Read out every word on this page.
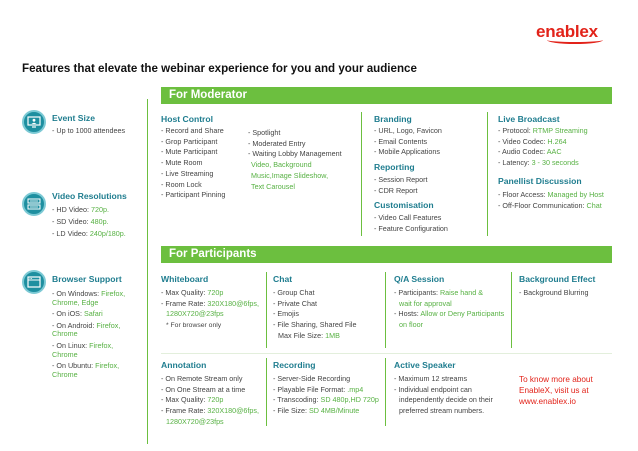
enablex
Features that elevate the webinar experience for you and your audience
Event Size
- Up to 1000 attendees
Video Resolutions
- HD Video: 720p.
- SD Video: 480p.
- LD Video: 240p/180p.
Browser Support
- On Windows: Firefox, Chrome, Edge
- On iOS: Safari
- On Android: Firefox, Chrome
- On Linux: Firefox, Chrome
- On Ubuntu: Firefox, Chrome
For Moderator
Host Control
- Record and Share
- Grop Participant
- Mute Participant
- Mute Room
- Live Streaming
- Room Lock
- Participant Pinning
- Spotlight
- Moderated Entry
- Waiting Lobby Management
Video, Background
Music,Image Slideshow,
Text Carousel
Branding
- URL, Logo, Favicon
- Email Contents
- Mobile Applications
Reporting
- Session Report
- CDR Report
Customisation
- Video Call Features
- Feature Configuration
Live Broadcast
- Protocol: RTMP Streaming
- Video Codec: H.264
- Audio Codec: AAC
- Latency: 3 - 30 seconds
Panellist Discussion
- Floor Access: Managed by Host
- Off-Floor Communication: Chat
For Participants
Whiteboard
- Max Quality: 720p
- Frame Rate: 320X180@6fps,
1280X720@23fps
* For browser only
Chat
- Group Chat
- Private Chat
- Emojis
- File Sharing, Shared File
Max File Size: 1MB
Q/A Session
- Participants: Raise hand &
wait for approval
- Hosts: Allow or Deny Participants
on floor
Background Effect
- Background Blurring
Annotation
- On Remote Stream only
- On One Stream at a time
- Max Quality: 720p
- Frame Rate: 320X180@6fps,
1280X720@23fps
Recording
- Server-Side Recording
- Playable File Format: .mp4
- Transcoding: SD 480p,HD 720p
- File Size: SD 4MB/Minute
Active Speaker
- Maximum 12 streams
- Individual endpoint can
independently decide on their
preferred stream numbers.
To know more about
EnableX, visit us at
www.enablex.io
